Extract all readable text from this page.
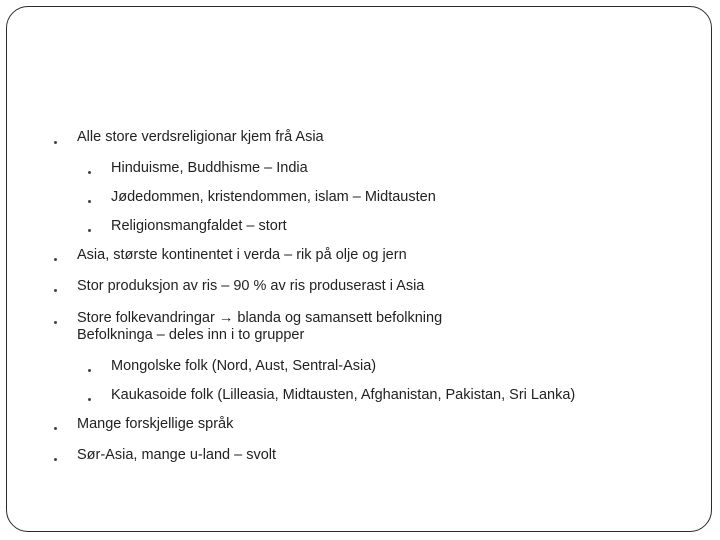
Alle store verdsreligionar kjem frå Asia
Hinduisme, Buddhisme – India
Jødedommen, kristendommen, islam – Midtausten
Religionsmangfaldet – stort
Asia, største kontinentet i verda – rik på olje og jern
Stor produksjon av ris – 90 % av ris produserast i Asia
Store folkevandringar → blanda og samansett befolkning
Befolkninga – deles inn i to grupper
Mongolske folk (Nord, Aust, Sentral-Asia)
Kaukasoide folk (Lilleasia, Midtausten, Afghanistan, Pakistan, Sri Lanka)
Mange forskjellige språk
Sør-Asia, mange u-land – svolt
